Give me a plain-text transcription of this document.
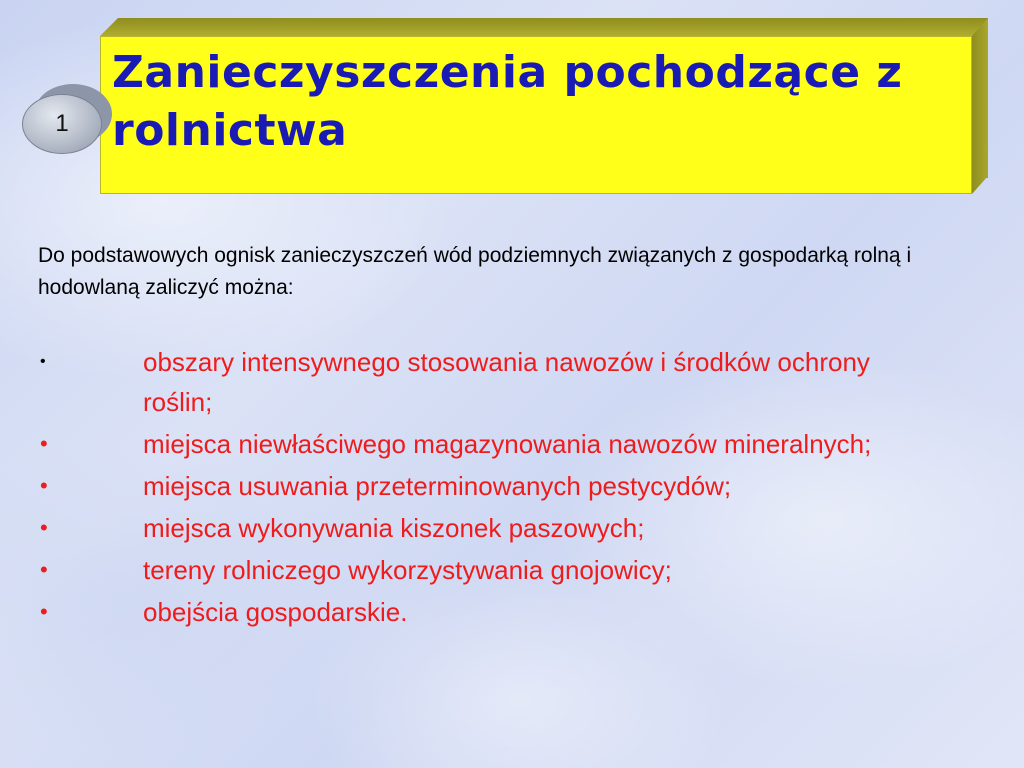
Zanieczyszczenia pochodzące z rolnictwa
1

Do podstawowych ognisk zanieczyszczeń wód podziemnych związanych z gospodarką rolną i hodowlaną zaliczyć można:

•	obszary intensywnego stosowania nawozów i środków ochrony roślin;
•	miejsca niewłaściwego magazynowania nawozów mineralnych;
•	miejsca usuwania przeterminowanych pestycydów;
•	miejsca wykonywania kiszonek paszowych;
•	tereny rolniczego wykorzystywania gnojowicy;
•	obejścia gospodarskie.
